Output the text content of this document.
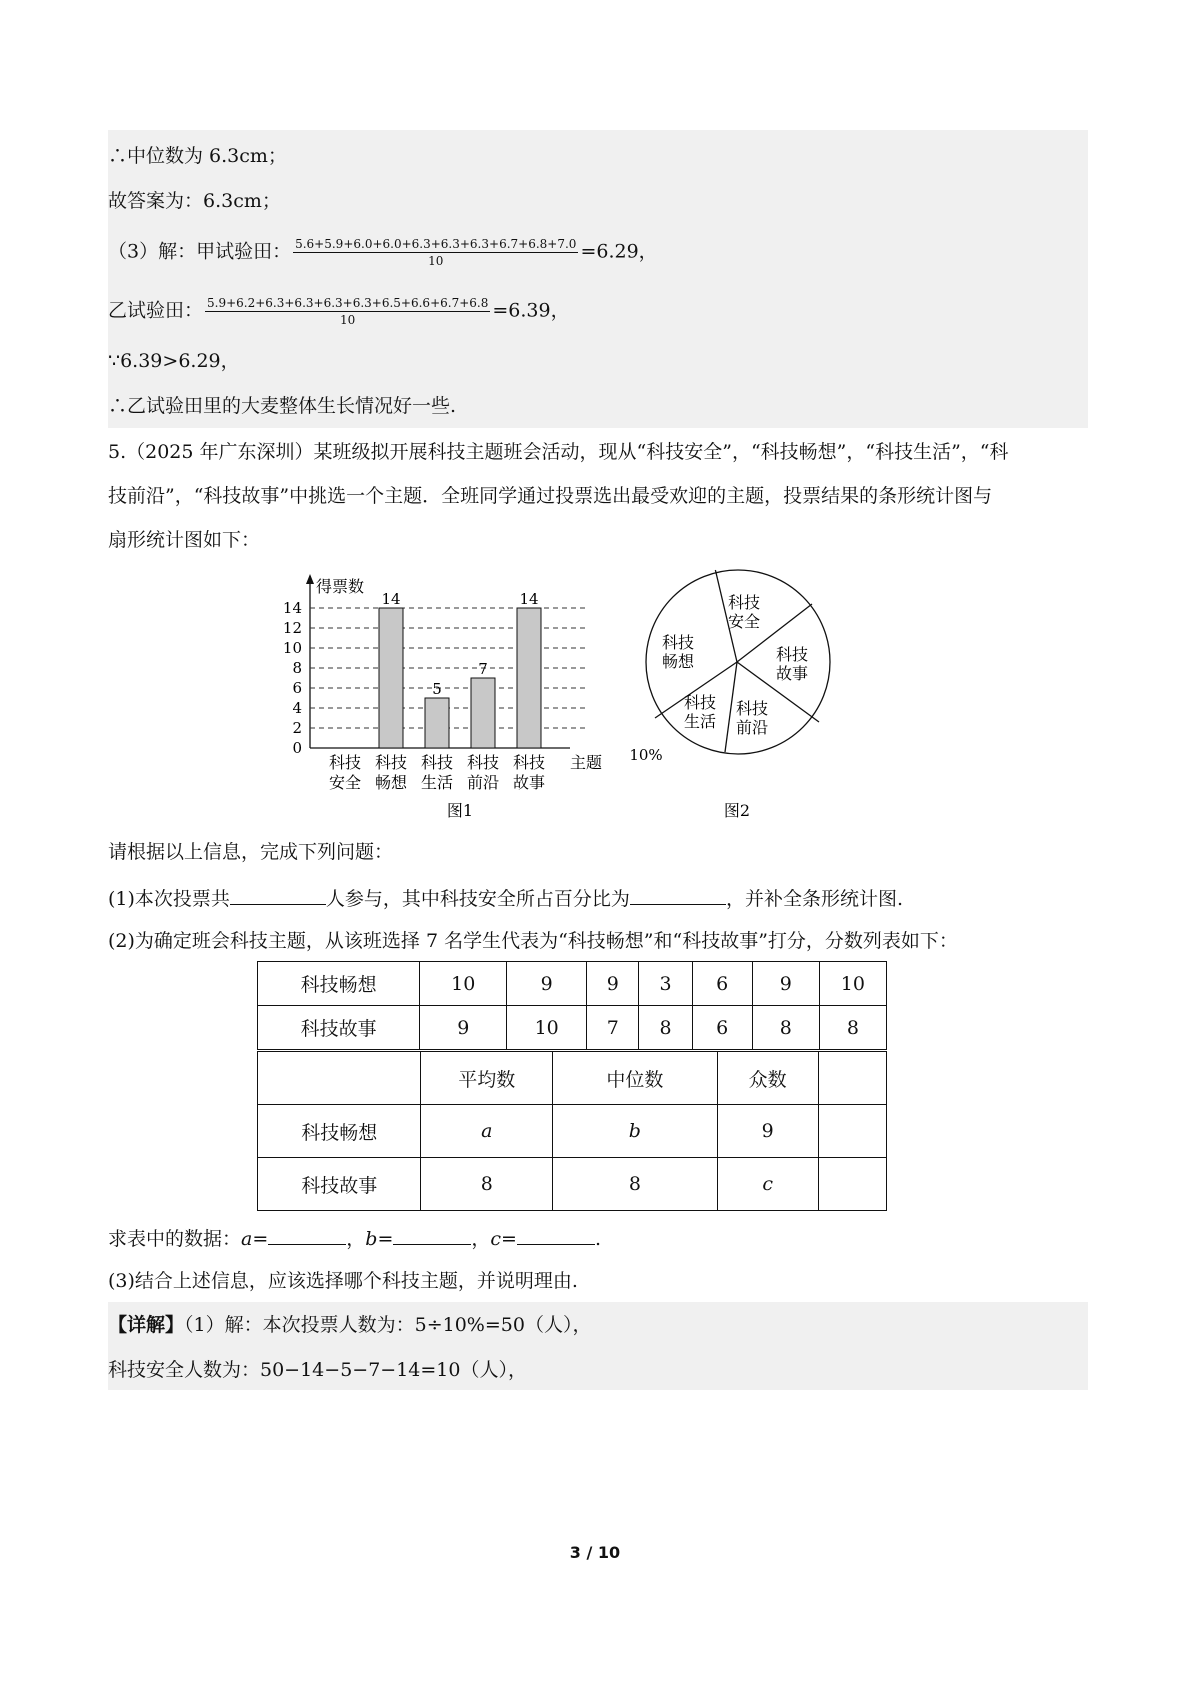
∴中位数为 6.3cm；
故答案为：6.3cm；
（3）解：甲试验田： $\frac{5.6+5.9+6.0+6.0+6.3+6.3+6.3+6.7+6.8+7.0}{10} =6.29$，
乙试验田： $\frac{5.9+6.2+6.3+6.3+6.3+6.3+6.5+6.6+6.7+6.8}{10} =6.39$，
∵6.39>6.29，
∴乙试验田里的大麦整体生长情况好一些.
5.（2025 年广东深圳）某班级拟开展科技主题班会活动，现从“科技安全”，“科技畅想”，“科技生活”，“科
技前沿”，“科技故事”中挑选一个主题．全班同学通过投票选出最受欢迎的主题，投票结果的条形统计图与
扇形统计图如下：
得票数
主题
0
2
4
6
8
10
12
14
科技
安全
14
科技
畅想
5
科技
生活
7
科技
前沿
14
科技
故事
图1
科技
安全
科技
故事
科技
前沿
科技
生活
10%
科技
畅想
图2
请根据以上信息，完成下列问题：
(1)本次投票共	人参与，其中科技安全所占百分比为	，并补全条形统计图.
(2)为确定班会科技主题，从该班选择 7 名学生代表为“科技畅想”和“科技故事”打分，分数列表如下：
科技畅想	10	9	9	3	6	9	10
科技故事	9	10	7	8	6	8	8
	平均数	中位数	众数	
科技畅想	a	b	9	
科技故事	8	8	c	
求表中的数据：a=	，b=	，c=	.
(3)结合上述信息，应该选择哪个科技主题，并说明理由.
【详解】（1）解：本次投票人数为：5÷10%=50（人），
科技安全人数为：50−14−5−7−14=10（人），
3 / 10
